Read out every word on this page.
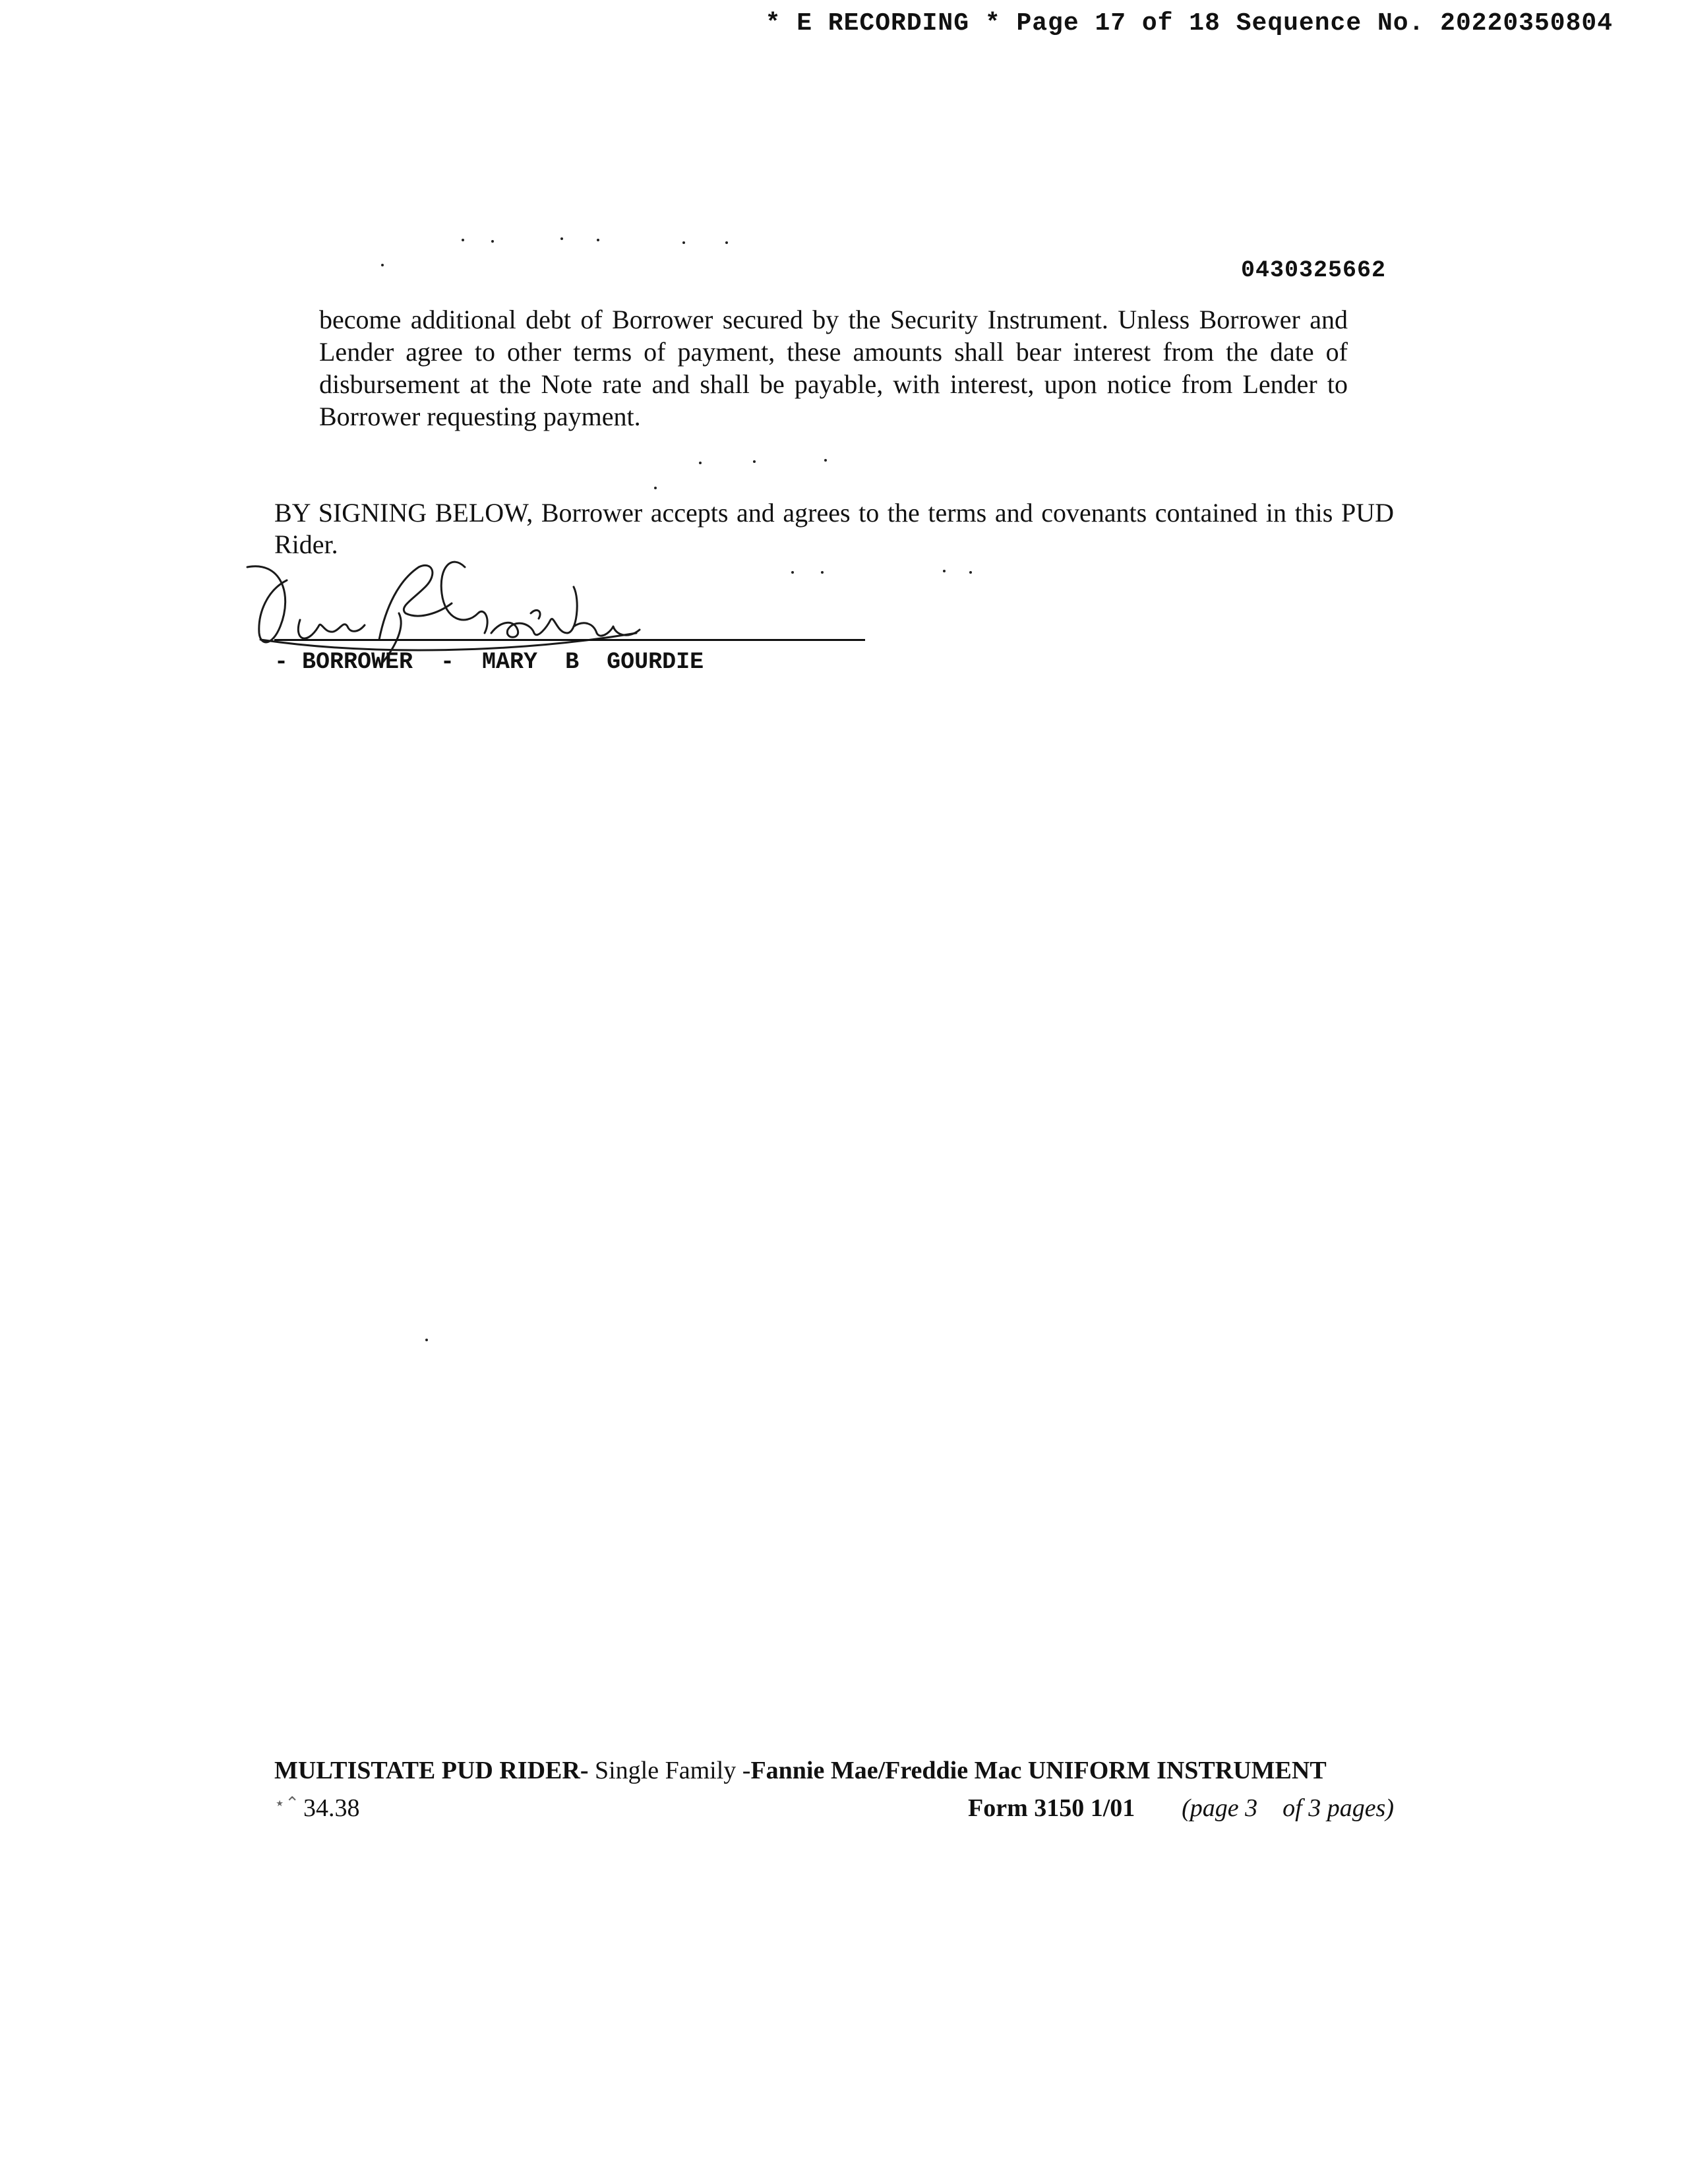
* E RECORDING * Page 17 of 18 Sequence No. 20220350804
0430325662

become additional debt of Borrower secured by the Security Instrument. Unless Borrower and Lender agree to other terms of payment, these amounts shall bear interest from the date of disbursement at the Note rate and shall be payable, with interest, upon notice from Lender to Borrower requesting payment.

BY SIGNING BELOW, Borrower accepts and agrees to the terms and covenants contained in this PUD Rider.

- BORROWER  -  MARY  B  GOURDIE
MULTISTATE PUD RIDER- Single Family -Fannie Mae/Freddie Mac UNIFORM INSTRUMENT
⋆⌃ 34.38	Form 3150 1/01 (page 3    of 3 pages)
